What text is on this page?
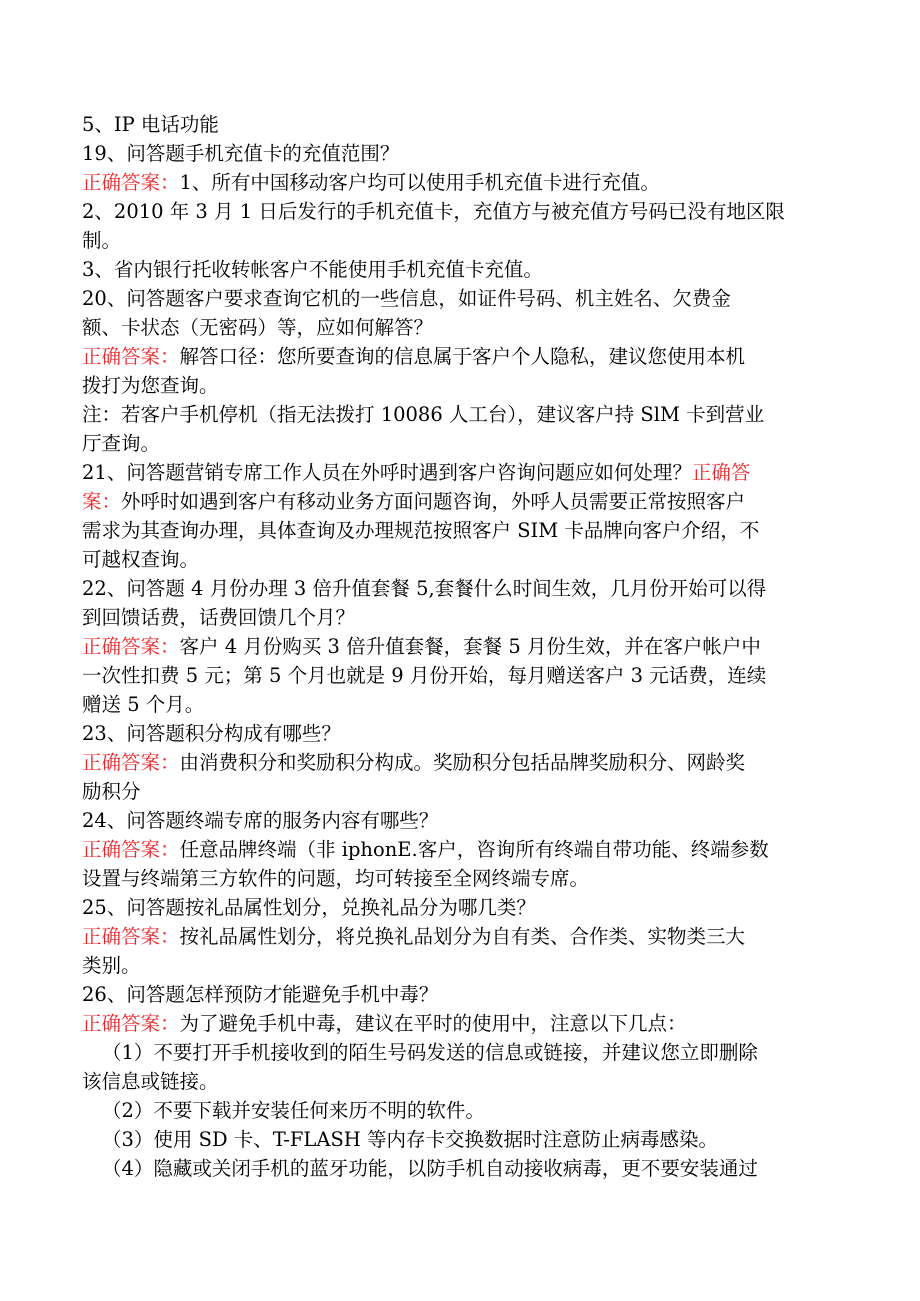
5、IP 电话功能
19、问答题手机充值卡的充值范围？
正确答案：1、所有中国移动客户均可以使用手机充值卡进行充值。
2、2010 年 3 月 1 日后发行的手机充值卡，充值方与被充值方号码已没有地区限
制。
3、省内银行托收转帐客户不能使用手机充值卡充值。
20、问答题客户要求查询它机的一些信息，如证件号码、机主姓名、欠费金
额、卡状态（无密码）等，应如何解答？
正确答案：解答口径：您所要查询的信息属于客户个人隐私，建议您使用本机
拨打为您查询。
注：若客户手机停机（指无法拨打 10086 人工台），建议客户持 SlM 卡到营业
厅查询。
21、问答题营销专席工作人员在外呼时遇到客户咨询问题应如何处理？正确答
案：外呼时如遇到客户有移动业务方面问题咨询，外呼人员需要正常按照客户
需求为其查询办理，具体查询及办理规范按照客户 SIM 卡品牌向客户介绍，不
可越权查询。
22、问答题 4 月份办理 3 倍升值套餐 5,套餐什么时间生效，几月份开始可以得
到回馈话费，话费回馈几个月？
正确答案：客户 4 月份购买 3 倍升值套餐，套餐 5 月份生效，并在客户帐户中
一次性扣费 5 元；第 5 个月也就是 9 月份开始，每月赠送客户 3 元话费，连续
赠送 5 个月。
23、问答题积分构成有哪些？
正确答案：由消费积分和奖励积分构成。奖励积分包括品牌奖励积分、网龄奖
励积分
24、问答题终端专席的服务内容有哪些？
正确答案：任意品牌终端（非 iphonE.客户，咨询所有终端自带功能、终端参数
设置与终端第三方软件的问题，均可转接至全网终端专席。
25、问答题按礼品属性划分，兑换礼品分为哪几类？
正确答案：按礼品属性划分，将兑换礼品划分为自有类、合作类、实物类三大
类别。
26、问答题怎样预防才能避免手机中毒？
正确答案：为了避免手机中毒，建议在平时的使用中，注意以下几点：
（1）不要打开手机接收到的陌生号码发送的信息或链接，并建议您立即删除
该信息或链接。
（2）不要下载并安装任何来历不明的软件。
（3）使用 SD 卡、T-FLASH 等内存卡交换数据时注意防止病毒感染。
（4）隐藏或关闭手机的蓝牙功能，以防手机自动接收病毒，更不要安装通过
